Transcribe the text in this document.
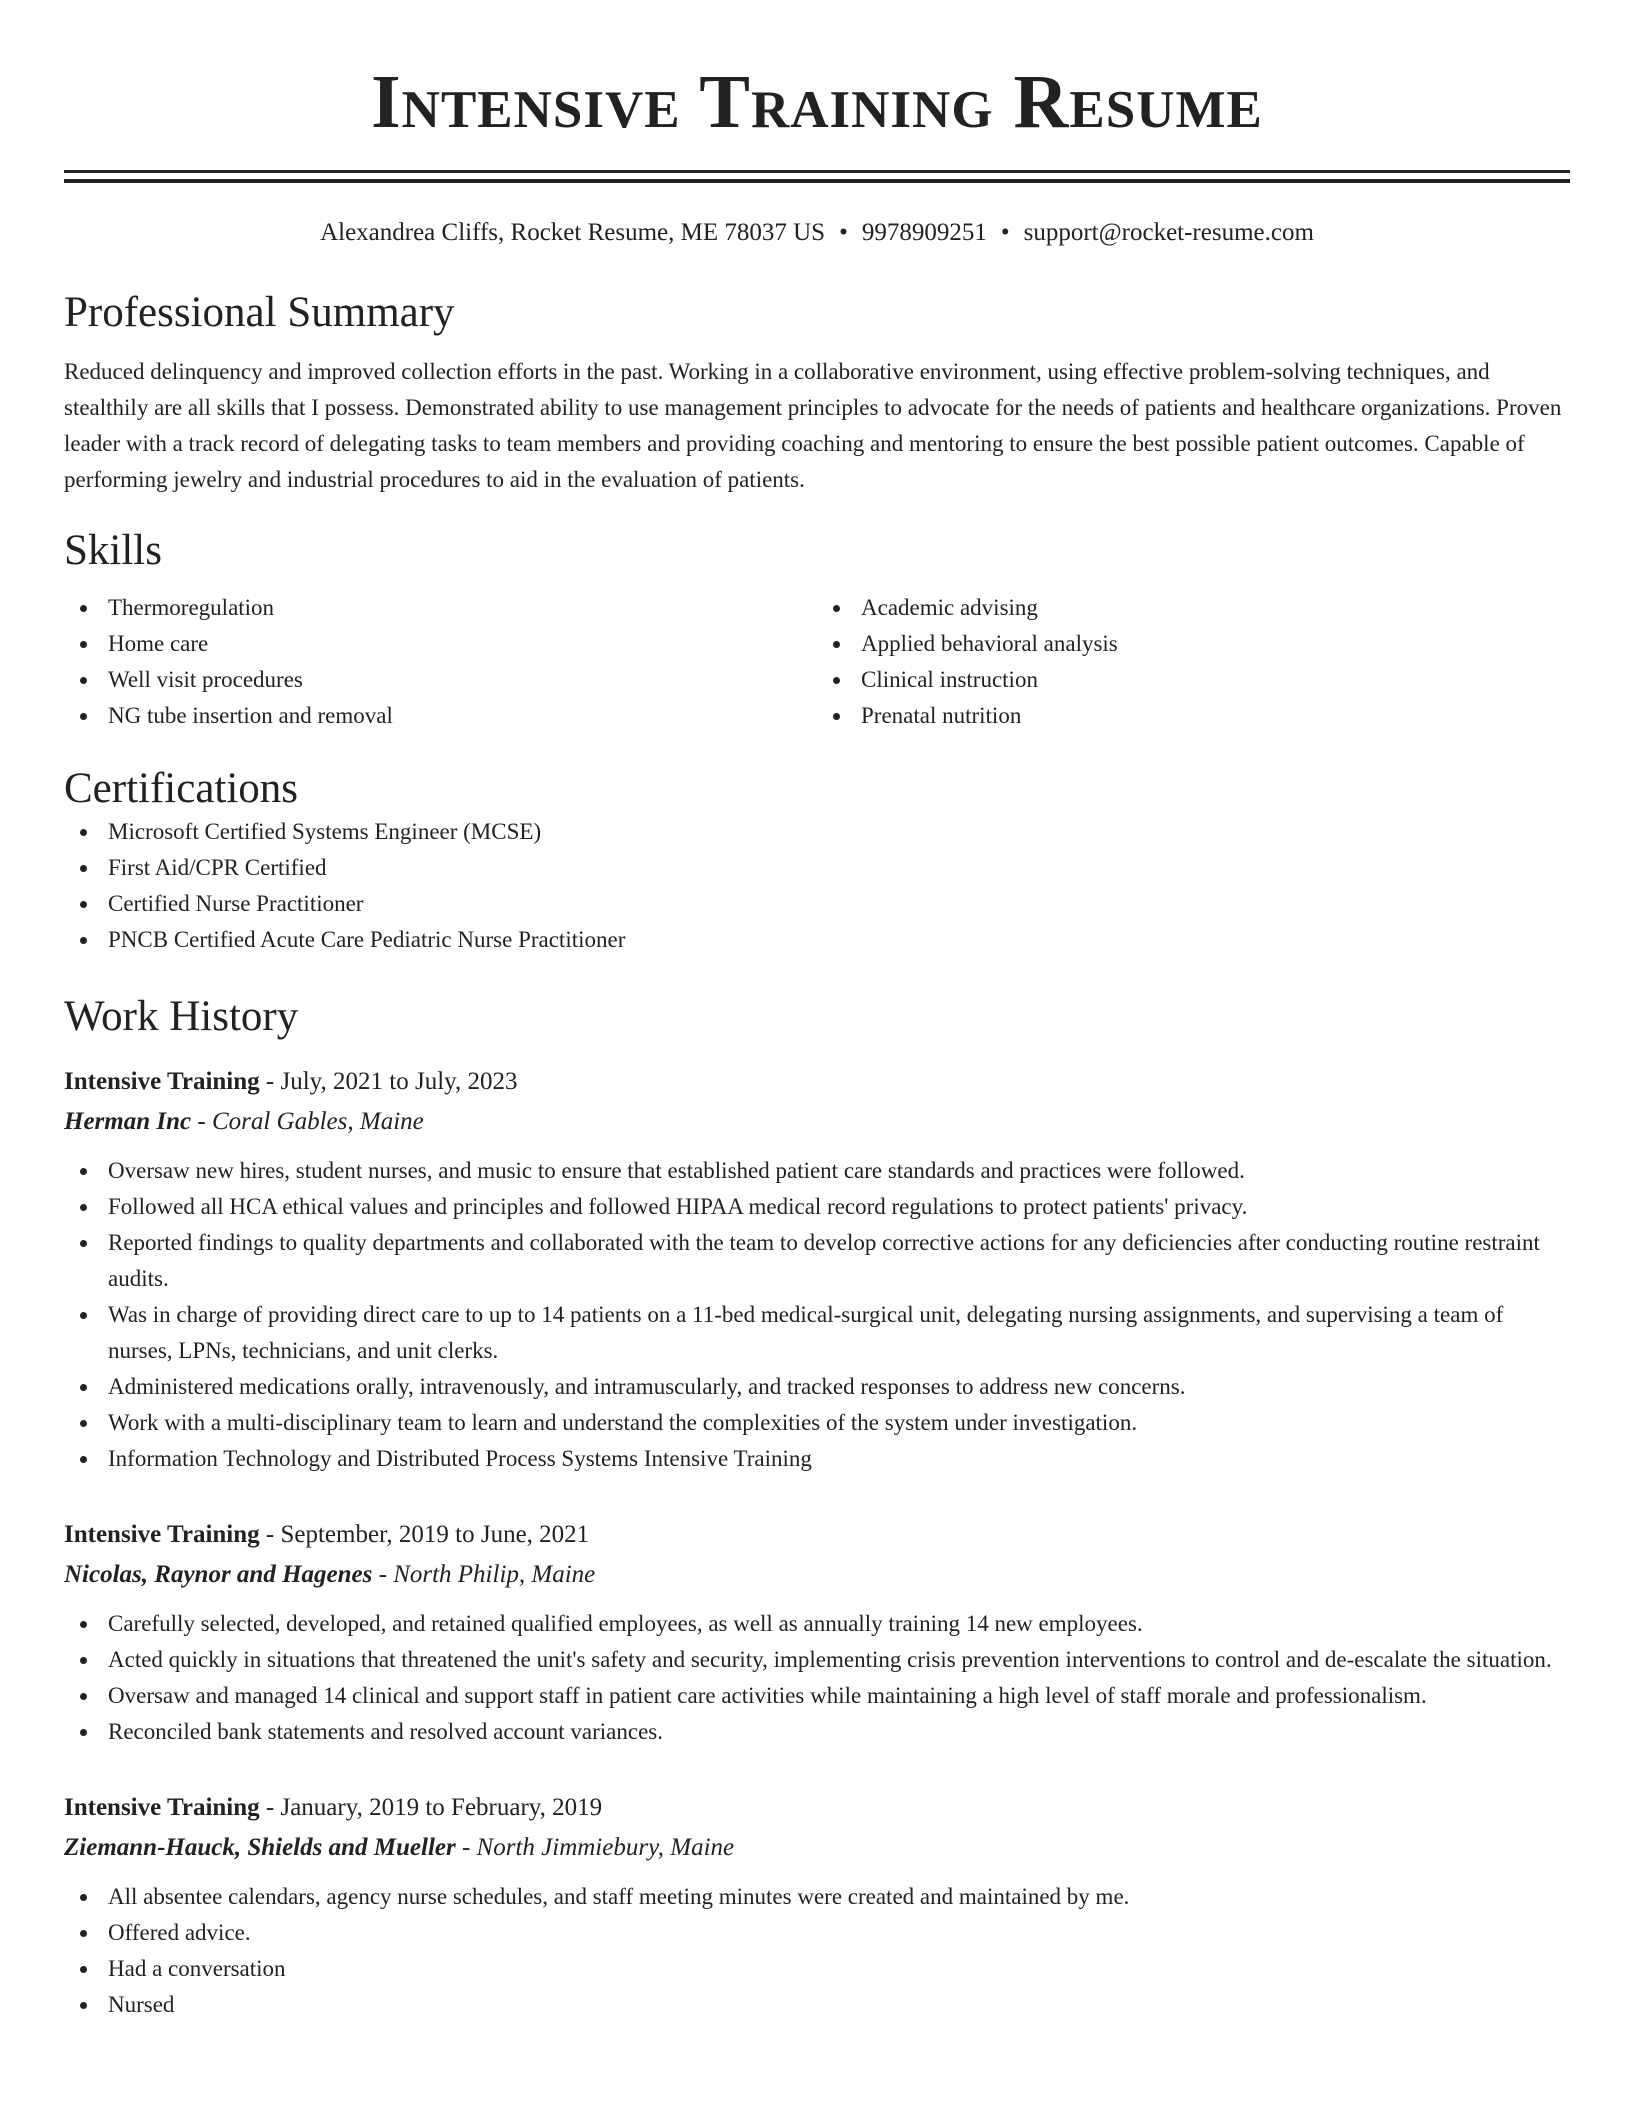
Intensive Training Resume
Alexandrea Cliffs, Rocket Resume, ME 78037 US • 9978909251 • support@rocket-resume.com
Professional Summary

Reduced delinquency and improved collection efforts in the past. Working in a collaborative environment, using effective problem-solving techniques, and stealthily are all skills that I possess. Demonstrated ability to use management principles to advocate for the needs of patients and healthcare organizations. Proven leader with a track record of delegating tasks to team members and providing coaching and mentoring to ensure the best possible patient outcomes. Capable of performing jewelry and industrial procedures to aid in the evaluation of patients.

Skills
Thermoregulation
Home care
Well visit procedures
NG tube insertion and removal
Academic advising
Applied behavioral analysis
Clinical instruction
Prenatal nutrition
Certifications
Microsoft Certified Systems Engineer (MCSE)
First Aid/CPR Certified
Certified Nurse Practitioner
PNCB Certified Acute Care Pediatric Nurse Practitioner
Work History
Intensive Training - July, 2021 to July, 2023
Herman Inc - Coral Gables, Maine
Oversaw new hires, student nurses, and music to ensure that established patient care standards and practices were followed.
Followed all HCA ethical values and principles and followed HIPAA medical record regulations to protect patients' privacy.
Reported findings to quality departments and collaborated with the team to develop corrective actions for any deficiencies after conducting routine restraint audits.
Was in charge of providing direct care to up to 14 patients on a 11-bed medical-surgical unit, delegating nursing assignments, and supervising a team of nurses, LPNs, technicians, and unit clerks.
Administered medications orally, intravenously, and intramuscularly, and tracked responses to address new concerns.
Work with a multi-disciplinary team to learn and understand the complexities of the system under investigation.
Information Technology and Distributed Process Systems Intensive Training
Intensive Training - September, 2019 to June, 2021
Nicolas, Raynor and Hagenes - North Philip, Maine
Carefully selected, developed, and retained qualified employees, as well as annually training 14 new employees.
Acted quickly in situations that threatened the unit's safety and security, implementing crisis prevention interventions to control and de-escalate the situation.
Oversaw and managed 14 clinical and support staff in patient care activities while maintaining a high level of staff morale and professionalism.
Reconciled bank statements and resolved account variances.
Intensive Training - January, 2019 to February, 2019
Ziemann-Hauck, Shields and Mueller - North Jimmiebury, Maine
All absentee calendars, agency nurse schedules, and staff meeting minutes were created and maintained by me.
Offered advice.
Had a conversation
Nursed
